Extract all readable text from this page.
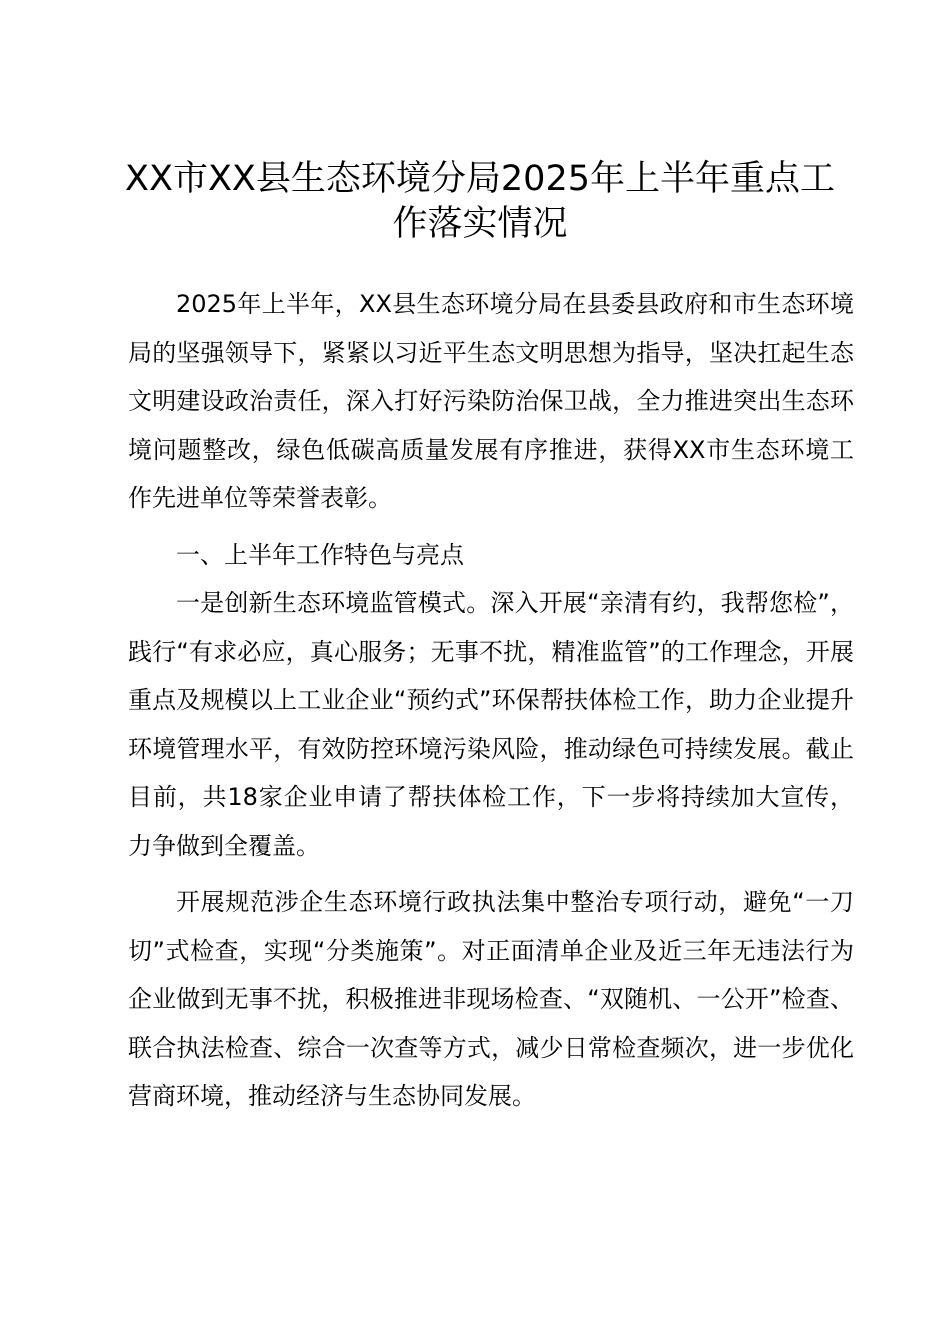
XX市XX县生态环境分局2025年上半年重点工作落实情况

2025年上半年，XX县生态环境分局在县委县政府和市生态环境局的坚强领导下，紧紧以习近平生态文明思想为指导，坚决扛起生态文明建设政治责任，深入打好污染防治保卫战，全力推进突出生态环境问题整改，绿色低碳高质量发展有序推进，获得XX市生态环境工作先进单位等荣誉表彰。

一、上半年工作特色与亮点

一是创新生态环境监管模式。深入开展“亲清有约，我帮您检”，践行“有求必应，真心服务；无事不扰，精准监管”的工作理念，开展重点及规模以上工业企业“预约式”环保帮扶体检工作，助力企业提升环境管理水平，有效防控环境污染风险，推动绿色可持续发展。截止目前，共18家企业申请了帮扶体检工作，下一步将持续加大宣传，力争做到全覆盖。

开展规范涉企生态环境行政执法集中整治专项行动，避免“一刀切”式检查，实现“分类施策”。对正面清单企业及近三年无违法行为企业做到无事不扰，积极推进非现场检查、“双随机、一公开”检查、联合执法检查、综合一次查等方式，减少日常检查频次，进一步优化营商环境，推动经济与生态协同发展。
